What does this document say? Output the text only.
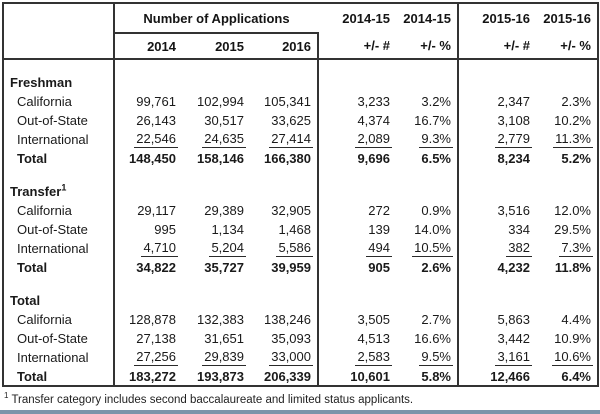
	Number of Applications			2014-15	2014-15	2015-16	2015-16
	2014	2015	2016	+/- #	+/- %	+/- #	+/- %
Freshman							
California	99,761	102,994	105,341	3,233	3.2%	2,347	2.3%
Out-of-State	26,143	30,517	33,625	4,374	16.7%	3,108	10.2%
International	22,546	24,635	27,414	2,089	9.3%	2,779	11.3%
Total	148,450	158,146	166,380	9,696	6.5%	8,234	5.2%
Transfer$^1$							
California	29,117	29,389	32,905	272	0.9%	3,516	12.0%
Out-of-State	995	1,134	1,468	139	14.0%	334	29.5%
International	4,710	5,204	5,586	494	10.5%	382	7.3%
Total	34,822	35,727	39,959	905	2.6%	4,232	11.8%
Total							
California	128,878	132,383	138,246	3,505	2.7%	5,863	4.4%
Out-of-State	27,138	31,651	35,093	4,513	16.6%	3,442	10.9%
International	27,256	29,839	33,000	2,583	9.5%	3,161	10.6%
Total	183,272	193,873	206,339	10,601	5.8%	12,466	6.4%
$^1$ Transfer category includes second baccalaureate and limited status applicants.
